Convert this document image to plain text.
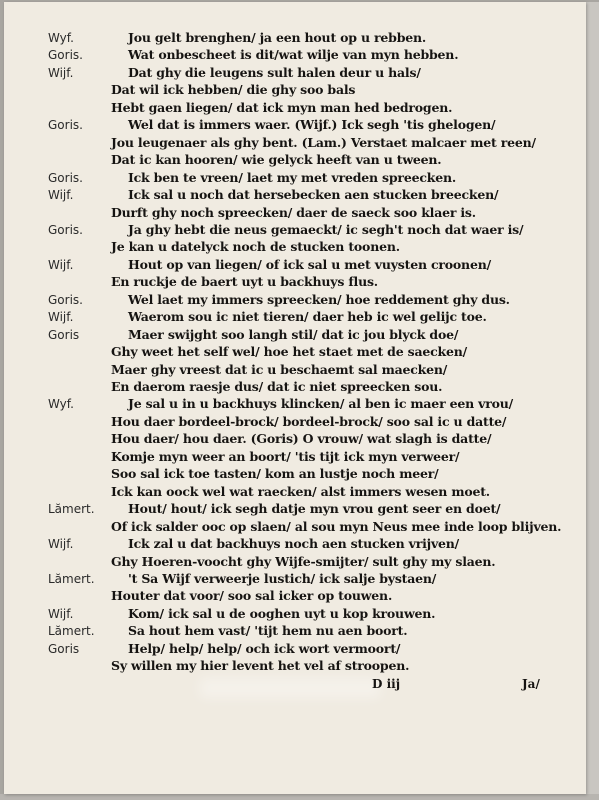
Wyf.	Jou gelt brenghen/ ja een hout op u rebben.
Goris.	Wat onbescheet is dit/wat wilje van myn hebben.
Wijf.	Dat ghy die leugens sult halen deur u hals/
Dat wil ick hebben/ die ghy soo bals
Hebt gaen liegen/ dat ick myn man hed bedrogen.
Goris.	Wel dat is immers waer. (Wijf.) Ick segh 'tis ghelogen/
Jou leugenaer als ghy bent. (Lam.) Verstaet malcaer met reen/
Dat ic kan hooren/ wie gelyck heeft van u tween.
Goris.	Ick ben te vreen/ laet my met vreden spreecken.
Wijf.	Ick sal u noch dat hersebecken aen stucken breecken/
Durft ghy noch spreecken/ daer de saeck soo klaer is.
Goris.	Ja ghy hebt die neus gemaeckt/ ic segh't noch dat waer is/
Je kan u datelyck noch de stucken toonen.
Wijf.	Hout op van liegen/ of ick sal u met vuysten croonen/
En ruckje de baert uyt u backhuys flus.
Goris.	Wel laet my immers spreecken/ hoe reddement ghy dus.
Wijf.	Waerom sou ic niet tieren/ daer heb ic wel gelijc toe.
Goris	Maer swijght soo langh stil/ dat ic jou blyck doe/
Ghy weet het self wel/ hoe het staet met de saecken/
Maer ghy vreest dat ic u beschaemt sal maecken/
En daerom raesje dus/ dat ic niet spreecken sou.
Wyf.	Je sal u in u backhuys klincken/ al ben ic maer een vrou/
Hou daer bordeel-brock/ bordeel-brock/ soo sal ic u datte/
Hou daer/ hou daer. (Goris) O vrouw/ wat slagh is datte/
Komje myn weer an boort/ 'tis tijt ick myn verweer/
Soo sal ick toe tasten/ kom an lustje noch meer/
Ick kan oock wel wat raecken/ alst immers wesen moet.
Lămert.	Hout/ hout/ ick segh datje myn vrou gent seer en doet/
Of ick salder ooc op slaen/ al sou myn Neus mee inde loop blijven.
Wijf.	Ick zal u dat backhuys noch aen stucken vrijven/
Ghy Hoeren-voocht ghy Wijfe-smijter/ sult ghy my slaen.
Lămert.	't Sa Wijf verweerje lustich/ ick salje bystaen/
Houter dat voor/ soo sal icker op touwen.
Wijf.	Kom/ ick sal u de ooghen uyt u kop krouwen.
Lămert.	Sa hout hem vast/ 'tijt hem nu aen boort.
Goris	Help/ help/ help/ och ick wort vermoort/
Sy willen my hier levent het vel af stroopen.
D iij	Ja/
